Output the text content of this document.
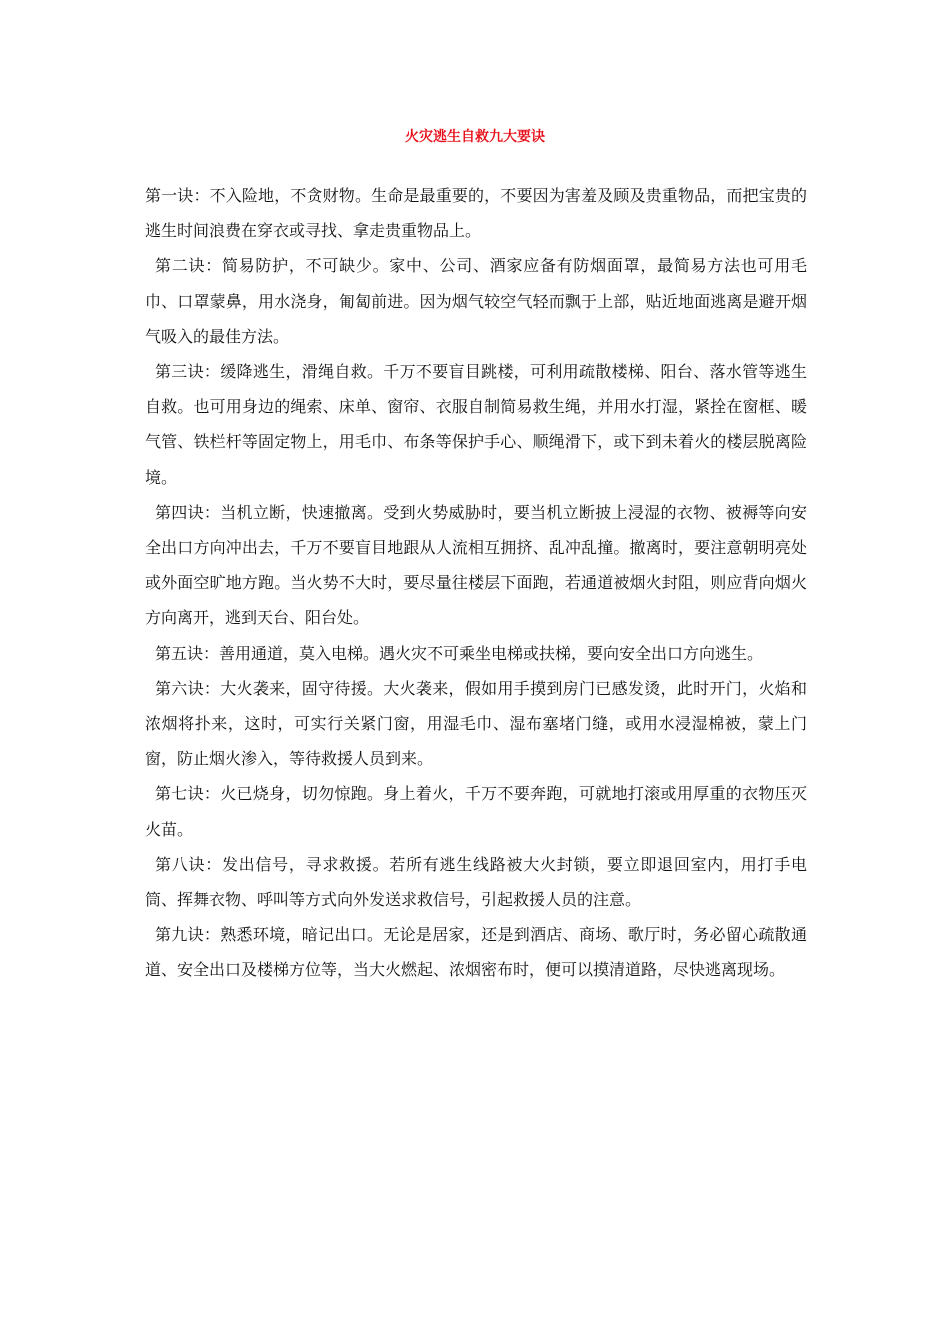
火灾逃生自救九大要诀

第一诀：不入险地，不贪财物。生命是最重要的，不要因为害羞及顾及贵重物品，而把宝贵的逃生时间浪费在穿衣或寻找、拿走贵重物品上。

第二诀：简易防护，不可缺少。家中、公司、酒家应备有防烟面罩，最简易方法也可用毛巾、口罩蒙鼻，用水浇身，匍匐前进。因为烟气较空气轻而飘于上部，贴近地面逃离是避开烟气吸入的最佳方法。

第三诀：缓降逃生，滑绳自救。千万不要盲目跳楼，可利用疏散楼梯、阳台、落水管等逃生自救。也可用身边的绳索、床单、窗帘、衣服自制简易救生绳，并用水打湿，紧拴在窗框、暖气管、铁栏杆等固定物上，用毛巾、布条等保护手心、顺绳滑下，或下到未着火的楼层脱离险境。

第四诀：当机立断，快速撤离。受到火势威胁时，要当机立断披上浸湿的衣物、被褥等向安全出口方向冲出去，千万不要盲目地跟从人流相互拥挤、乱冲乱撞。撤离时，要注意朝明亮处或外面空旷地方跑。当火势不大时，要尽量往楼层下面跑，若通道被烟火封阻，则应背向烟火方向离开，逃到天台、阳台处。

第五诀：善用通道，莫入电梯。遇火灾不可乘坐电梯或扶梯，要向安全出口方向逃生。

第六诀：大火袭来，固守待援。大火袭来，假如用手摸到房门已感发烫，此时开门，火焰和浓烟将扑来，这时，可实行关紧门窗，用湿毛巾、湿布塞堵门缝，或用水浸湿棉被，蒙上门窗，防止烟火渗入，等待救援人员到来。

第七诀：火已烧身，切勿惊跑。身上着火，千万不要奔跑，可就地打滚或用厚重的衣物压灭火苗。

第八诀：发出信号，寻求救援。若所有逃生线路被大火封锁，要立即退回室内，用打手电筒、挥舞衣物、呼叫等方式向外发送求救信号，引起救援人员的注意。

第九诀：熟悉环境，暗记出口。无论是居家，还是到酒店、商场、歌厅时，务必留心疏散通道、安全出口及楼梯方位等，当大火燃起、浓烟密布时，便可以摸清道路，尽快逃离现场。
